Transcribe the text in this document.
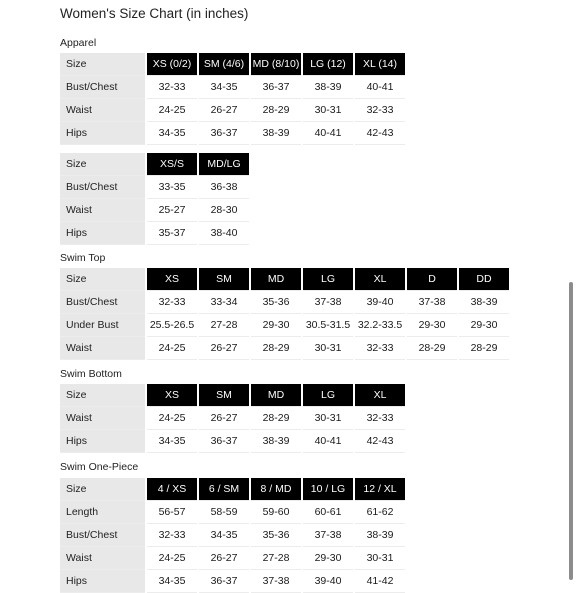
Women's Size Chart (in inches)
Apparel
Size	XS (0/2)	SM (4/6)	MD (8/10)	LG (12)	XL (14)
Bust/Chest	32-33	34-35	36-37	38-39	40-41
Waist	24-25	26-27	28-29	30-31	32-33
Hips	34-35	36-37	38-39	40-41	42-43
Size	XS/S	MD/LG
Bust/Chest	33-35	36-38
Waist	25-27	28-30
Hips	35-37	38-40
Swim Top
Size	XS	SM	MD	LG	XL	D	DD
Bust/Chest	32-33	33-34	35-36	37-38	39-40	37-38	38-39
Under Bust	25.5-26.5	27-28	29-30	30.5-31.5	32.2-33.5	29-30	29-30
Waist	24-25	26-27	28-29	30-31	32-33	28-29	28-29
Swim Bottom
Size	XS	SM	MD	LG	XL
Waist	24-25	26-27	28-29	30-31	32-33
Hips	34-35	36-37	38-39	40-41	42-43
Swim One-Piece
Size	4 / XS	6 / SM	8 / MD	10 / LG	12 / XL
Length	56-57	58-59	59-60	60-61	61-62
Bust/Chest	32-33	34-35	35-36	37-38	38-39
Waist	24-25	26-27	27-28	29-30	30-31
Hips	34-35	36-37	37-38	39-40	41-42
